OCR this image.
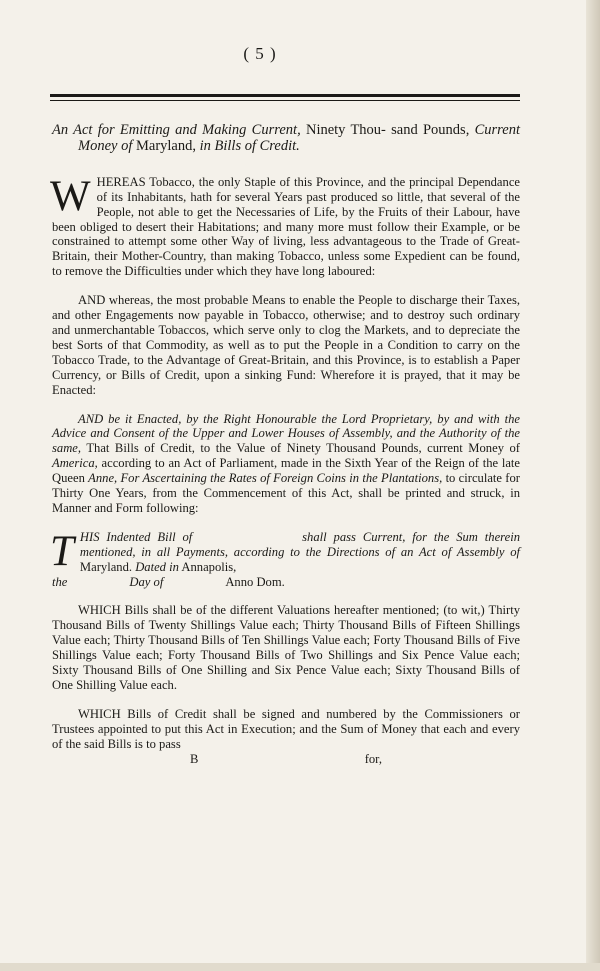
( 5 )
An Act for Emitting and Making Current, Ninety Thou- sand Pounds, Current Money of Maryland, in Bills of Credit.

WHEREAS Tobacco, the only Staple of this Province, and the principal Dependance of its Inhabitants, hath for several Years past produced so little, that several of the People, not able to get the Necessaries of Life, by the Fruits of their Labour, have been obliged to desert their Habitations; and many more must follow their Example, or be constrained to attempt some other Way of living, less advantageous to the Trade of Great-Britain, their Mother-Country, than making Tobacco, unless some Expedient can be found, to remove the Difficulties under which they have long laboured:

AND whereas, the most probable Means to enable the People to discharge their Taxes, and other Engagements now payable in Tobacco, otherwise; and to destroy such ordinary and unmerchantable Tobaccos, which serve only to clog the Markets, and to depreciate the best Sorts of that Commodity, as well as to put the People in a Condition to carry on the Tobacco Trade, to the Advantage of Great-Britain, and this Province, is to establish a Paper Currency, or Bills of Credit, upon a sinking Fund: Wherefore it is prayed, that it may be Enacted:

AND be it Enacted, by the Right Honourable the Lord Proprietary, by and with the Advice and Consent of the Upper and Lower Houses of Assembly, and the Authority of the same, That Bills of Credit, to the Value of Ninety Thousand Pounds, current Money of America, according to an Act of Parliament, made in the Sixth Year of the Reign of the late Queen Anne, For Ascertaining the Rates of Foreign Coins in the Plantations, to circulate for Thirty One Years, from the Commencement of this Act, shall be printed and struck, in Manner and Form following:

THIS Indented Bill of	shall pass Current, for the Sum therein mentioned, in all Payments, according to the Directions of an Act of Assembly of Maryland. Dated in Annapolis,
the	Day of	Anno Dom.

WHICH Bills shall be of the different Valuations hereafter mentioned; (to wit,) Thirty Thousand Bills of Twenty Shillings Value each; Thirty Thousand Bills of Fifteen Shillings Value each; Thirty Thousand Bills of Ten Shillings Value each; Forty Thousand Bills of Five Shillings Value each; Forty Thousand Bills of Two Shillings and Six Pence Value each; Sixty Thousand Bills of One Shilling and Six Pence Value each; Sixty Thousand Bills of One Shilling Value each.

WHICH Bills of Credit shall be signed and numbered by the Commissioners or Trustees appointed to put this Act in Execution; and the Sum of Money that each and every of the said Bills is to pass

B	for,
